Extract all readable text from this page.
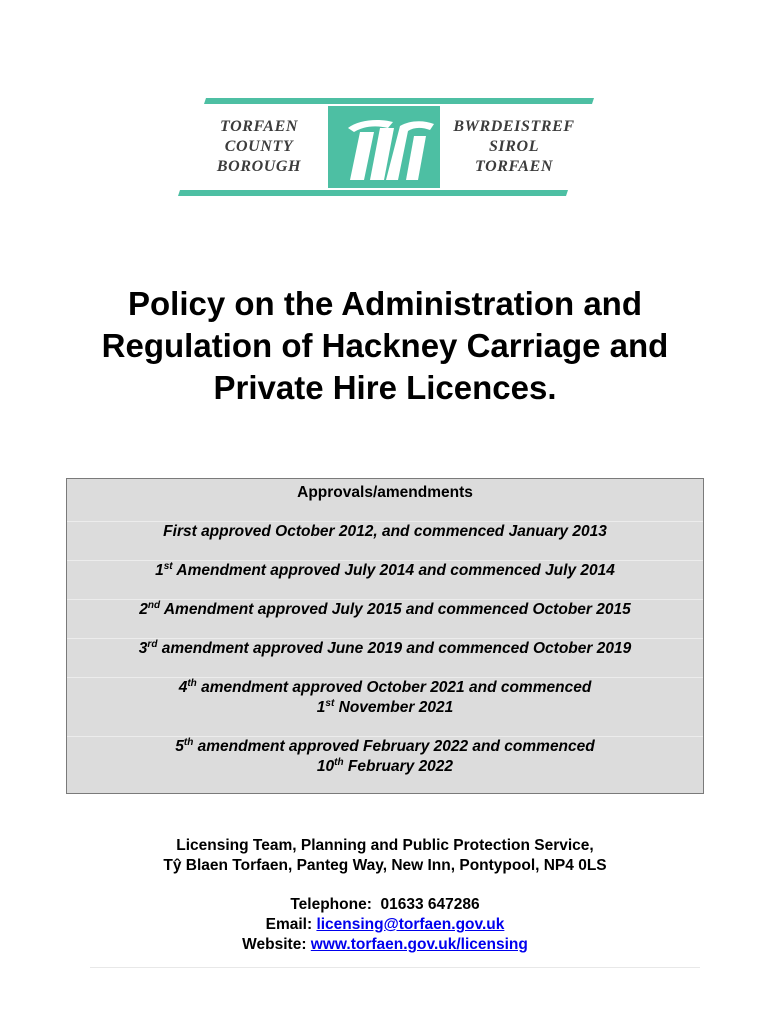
TORFAEN
COUNTY
BOROUGH
BWRDEISTREF
SIROL
TORFAEN
Policy on the Administration and
Regulation of Hackney Carriage and
Private Hire Licences.
Approvals/amendments
First approved October 2012, and commenced January 2013
1st Amendment approved July 2014 and commenced July 2014
2nd Amendment approved July 2015 and commenced October 2015
3rd amendment approved June 2019 and commenced October 2019
4th amendment approved October 2021 and commenced
1st November 2021
5th amendment approved February 2022 and commenced
10th February 2022
Licensing Team, Planning and Public Protection Service,
Tŷ Blaen Torfaen, Panteg Way, New Inn, Pontypool, NP4 0LS
Telephone: 01633 647286
Email: licensing@torfaen.gov.uk
Website: www.torfaen.gov.uk/licensing
